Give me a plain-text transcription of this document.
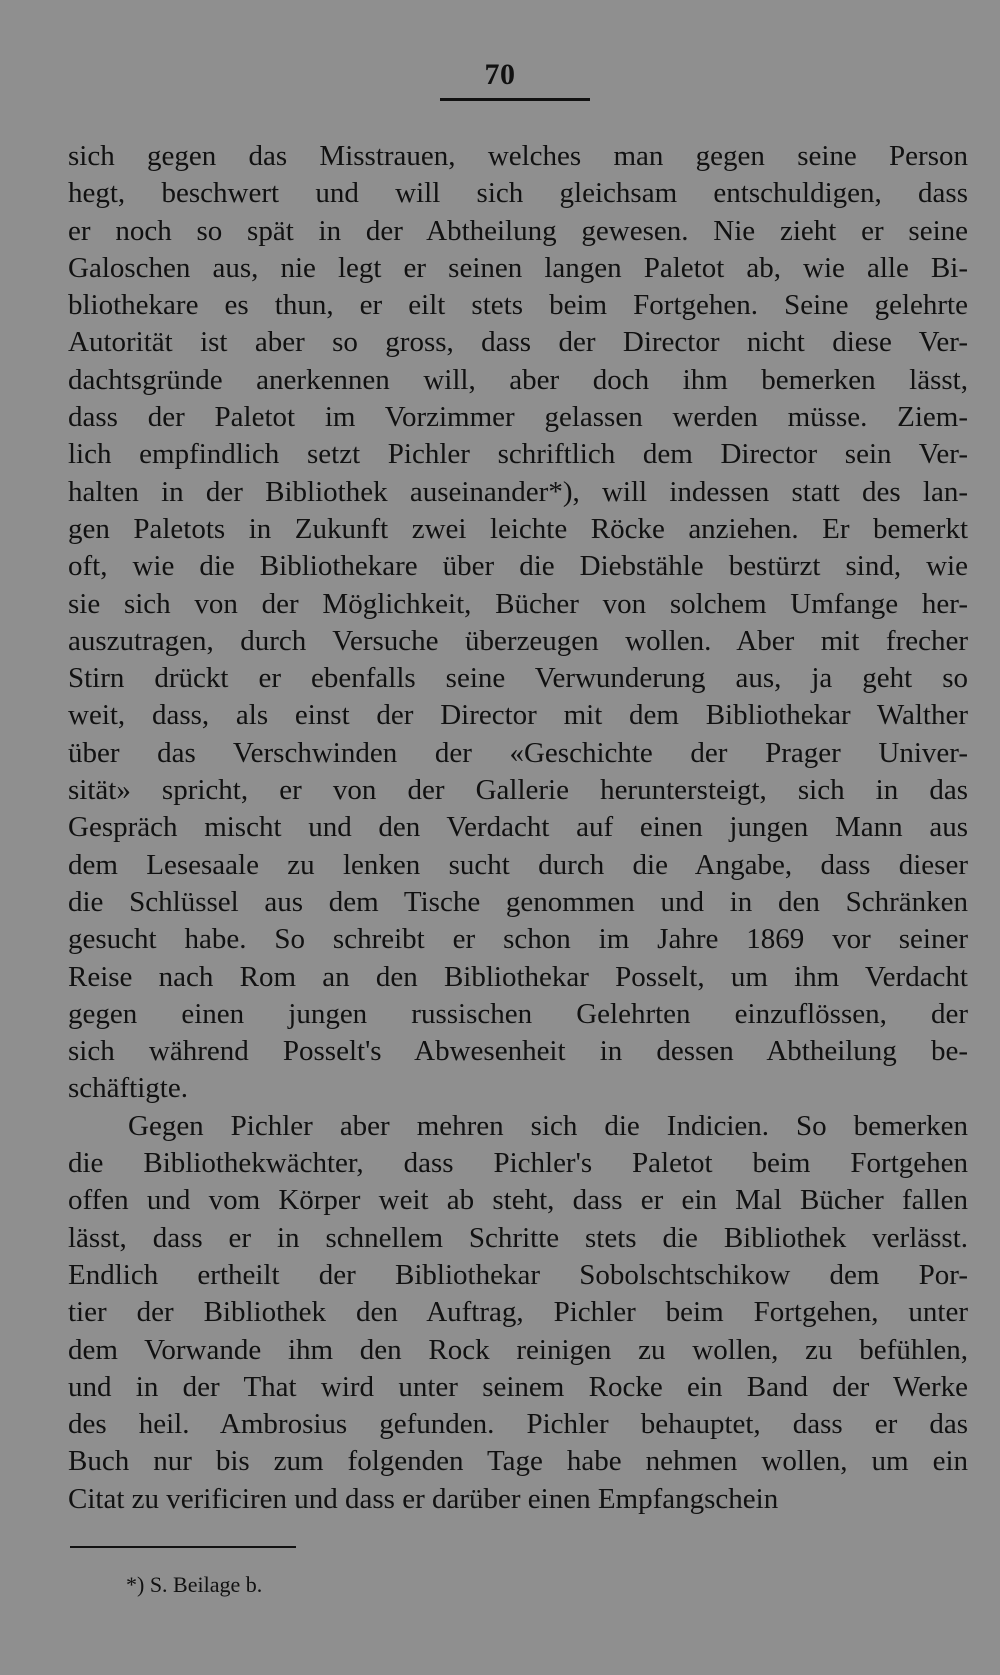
70
sich gegen das Misstrauen, welches man gegen seine Person
hegt, beschwert und will sich gleichsam entschuldigen, dass
er noch so spät in der Abtheilung gewesen. Nie zieht er seine
Galoschen aus, nie legt er seinen langen Paletot ab, wie alle Bi-
bliothekare es thun, er eilt stets beim Fortgehen. Seine gelehrte
Autorität ist aber so gross, dass der Director nicht diese Ver-
dachtsgründe anerkennen will, aber doch ihm bemerken lässt,
dass der Paletot im Vorzimmer gelassen werden müsse. Ziem-
lich empfindlich setzt Pichler schriftlich dem Director sein Ver-
halten in der Bibliothek auseinander*), will indessen statt des lan-
gen Paletots in Zukunft zwei leichte Röcke anziehen. Er bemerkt
oft, wie die Bibliothekare über die Diebstähle bestürzt sind, wie
sie sich von der Möglichkeit, Bücher von solchem Umfange her-
auszutragen, durch Versuche überzeugen wollen. Aber mit frecher
Stirn drückt er ebenfalls seine Verwunderung aus, ja geht so
weit, dass, als einst der Director mit dem Bibliothekar Walther
über das Verschwinden der «Geschichte der Prager Univer-
sität» spricht, er von der Gallerie heruntersteigt, sich in das
Gespräch mischt und den Verdacht auf einen jungen Mann aus
dem Lesesaale zu lenken sucht durch die Angabe, dass dieser
die Schlüssel aus dem Tische genommen und in den Schränken
gesucht habe. So schreibt er schon im Jahre 1869 vor seiner
Reise nach Rom an den Bibliothekar Posselt, um ihm Verdacht
gegen einen jungen russischen Gelehrten einzuflössen, der
sich während Posselt's Abwesenheit in dessen Abtheilung be-
schäftigte.
Gegen Pichler aber mehren sich die Indicien. So bemerken
die Bibliothekwächter, dass Pichler's Paletot beim Fortgehen
offen und vom Körper weit ab steht, dass er ein Mal Bücher fallen
lässt, dass er in schnellem Schritte stets die Bibliothek verlässt.
Endlich ertheilt der Bibliothekar Sobolschtschikow dem Por-
tier der Bibliothek den Auftrag, Pichler beim Fortgehen, unter
dem Vorwande ihm den Rock reinigen zu wollen, zu befühlen,
und in der That wird unter seinem Rocke ein Band der Werke
des heil. Ambrosius gefunden. Pichler behauptet, dass er das
Buch nur bis zum folgenden Tage habe nehmen wollen, um ein
Citat zu verificiren und dass er darüber einen Empfangschein
*) S. Beilage b.
